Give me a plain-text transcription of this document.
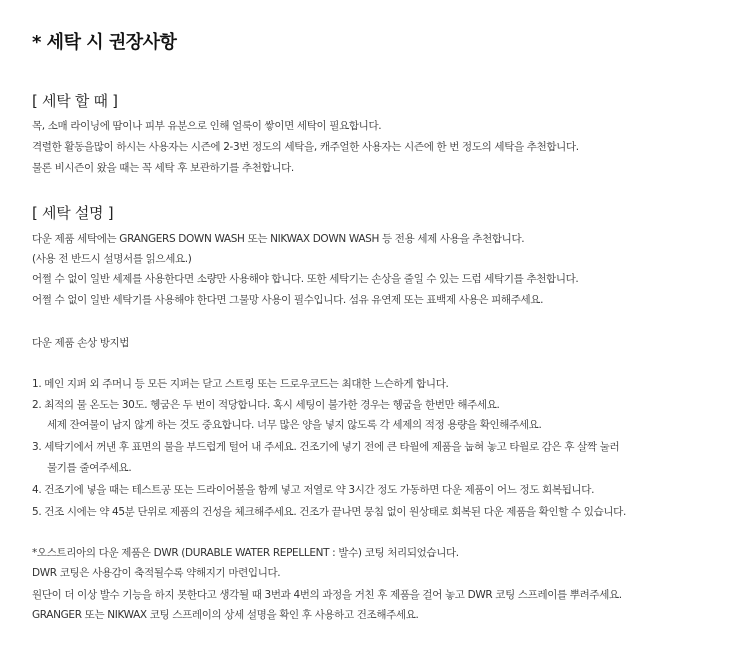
* 세탁 시 권장사항
[ 세탁 할 때 ]
목, 소매 라이닝에 땀이나 피부 유분으로 인해 얼룩이 쌓이면 세탁이 필요합니다.
격렬한 활동을많이 하시는 사용자는 시즌에 2-3번 정도의 세탁을, 캐주얼한 사용자는 시즌에 한 번 정도의 세탁을 추천합니다.
물론 비시즌이 왔을 때는 꼭 세탁 후 보관하기를 추천합니다.
[ 세탁 설명 ]
다운 제품 세탁에는 GRANGERS DOWN WASH 또는 NIKWAX DOWN WASH 등 전용 세제 사용을 추천합니다.
(사용 전 반드시 설명서를 읽으세요.)
어쩔 수 없이 일반 세제를 사용한다면 소량만 사용해야 합니다. 또한 세탁기는 손상을 줄일 수 있는 드럼 세탁기를 추천합니다.
어쩔 수 없이 일반 세탁기를 사용해야 한다면 그물망 사용이 필수입니다. 섬유 유연제 또는 표백제 사용은 피해주세요.
다운 제품 손상 방지법
1. 메인 지퍼 외 주머니 등 모든 지퍼는 닫고 스트링 또는 드로우코드는 최대한 느슨하게 합니다.
2. 최적의 물 온도는 30도. 헹굼은 두 번이 적당합니다. 혹시 세팅이 불가한 경우는 헹굼을 한번만 해주세요.
세제 잔여물이 남지 않게 하는 것도 중요합니다. 너무 많은 양을 넣지 않도록 각 세제의 적정 용량을 확인해주세요.
3. 세탁기에서 꺼낸 후 표면의 물을 부드럽게 털어 내 주세요. 건조기에 넣기 전에 큰 타월에 제품을 눕혀 놓고 타월로 감은 후 살짝 눌러
물기를 줄여주세요.
4. 건조기에 넣을 때는 테스트공 또는 드라이어볼을 함께 넣고 저열로 약 3시간 정도 가동하면 다운 제품이 어느 정도 회복됩니다.
5. 건조 시에는 약 45분 단위로 제품의 건성을 체크해주세요. 건조가 끝나면 뭉침 없이 원상태로 회복된 다운 제품을 확인할 수 있습니다.
*오스트리아의 다운 제품은 DWR (DURABLE WATER REPELLENT : 발수) 코팅 처리되었습니다.
DWR 코팅은 사용감이 축적될수록 약해지기 마련입니다.
원단이 더 이상 발수 기능을 하지 못한다고 생각될 때 3번과 4번의 과정을 거친 후 제품을 걸어 놓고 DWR 코팅 스프레이를 뿌려주세요.
GRANGER 또는 NIKWAX 코팅 스프레이의 상세 설명을 확인 후 사용하고 건조해주세요.
